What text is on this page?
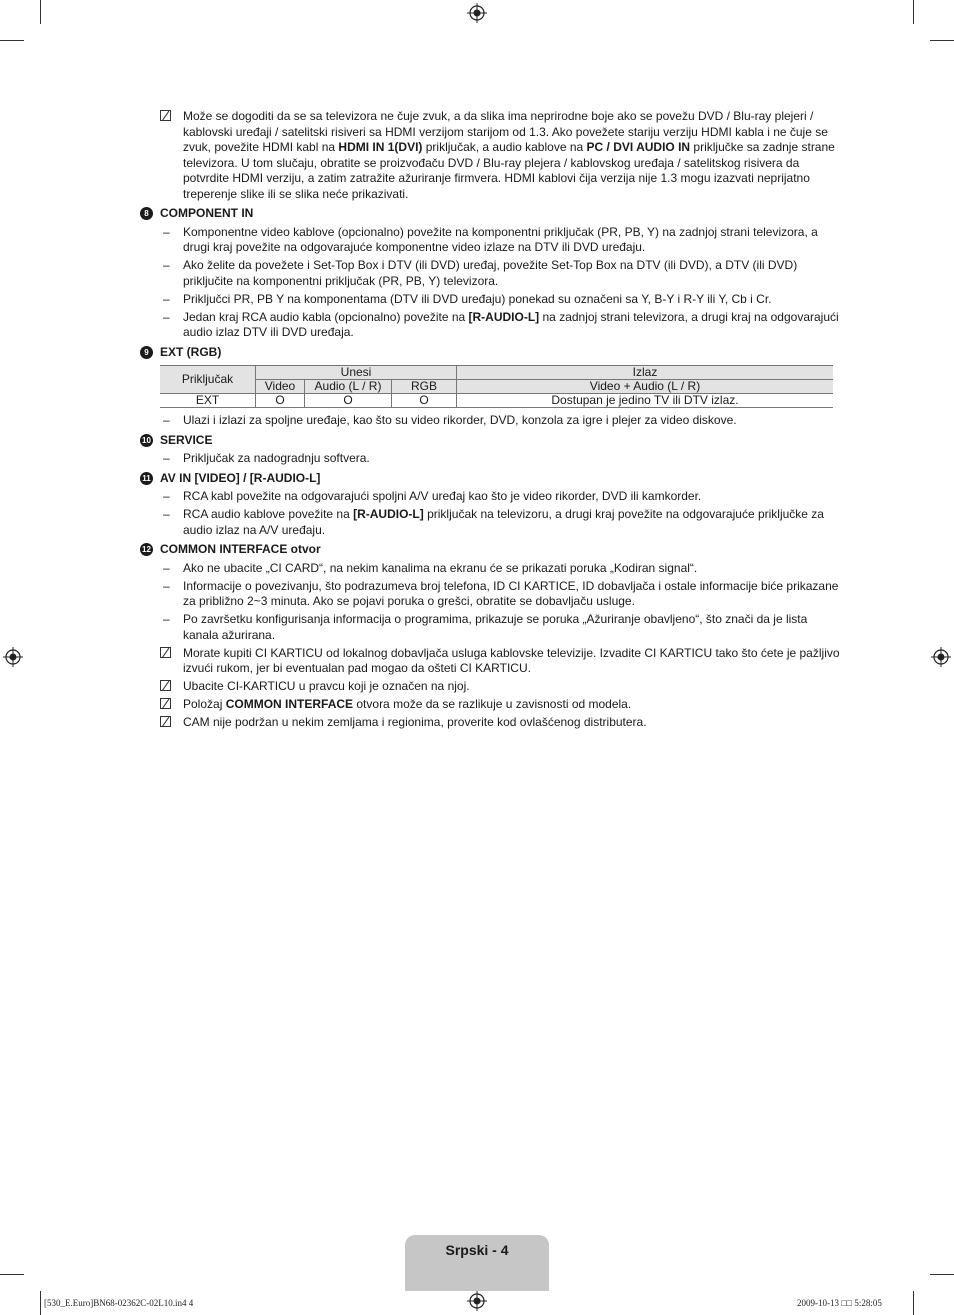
Može se dogoditi da se sa televizora ne čuje zvuk, a da slika ima neprirodne boje ako se povežu DVD / Blu-ray plejeri / kablovski uređaji / satelitski risiveri sa HDMI verzijom starijom od 1.3. Ako povežete stariju verziju HDMI kabla i ne čuje se zvuk, povežite HDMI kabl na HDMI IN 1(DVI) priključak, a audio kablove na PC / DVI AUDIO IN priključke sa zadnje strane televizora. U tom slučaju, obratite se proizvođaču DVD / Blu-ray plejera / kablovskog uređaja / satelitskog risivera da potvrdite HDMI verziju, a zatim zatražite ažuriranje firmvera. HDMI kablovi čija verzija nije 1.3 mogu izazvati neprijatno treperenje slike ili se slika neće prikazivati.
8 COMPONENT IN
–	Komponentne video kablove (opcionalno) povežite na komponentni priključak (PR, PB, Y) na zadnjoj strani televizora, a drugi kraj povežite na odgovarajuće komponentne video izlaze na DTV ili DVD uređaju.
–	Ako želite da povežete i Set-Top Box i DTV (ili DVD) uređaj, povežite Set-Top Box na DTV (ili DVD), a DTV (ili DVD) priključite na komponentni priključak (PR, PB, Y) televizora.
–	Priključci PR, PB Y na komponentama (DTV ili DVD uređaju) ponekad su označeni sa Y, B-Y i R-Y ili Y, Cb i Cr.
–	Jedan kraj RCA audio kabla (opcionalno) povežite na [R-AUDIO-L] na zadnjoj strani televizora, a drugi kraj na odgovarajući audio izlaz DTV ili DVD uređaja.
9 EXT (RGB)
Priključak	Unesi			Izlaz
	Video	Audio (L / R)	RGB	Video + Audio (L / R)
EXT	O	O	O	Dostupan je jedino TV ili DTV izlaz.
–	Ulazi i izlazi za spoljne uređaje, kao što su video rikorder, DVD, konzola za igre i plejer za video diskove.
10 SERVICE
–	Priključak za nadogradnju softvera.
11 AV IN [VIDEO] / [R-AUDIO-L]
–	RCA kabl povežite na odgovarajući spoljni A/V uređaj kao što je video rikorder, DVD ili kamkorder.
–	RCA audio kablove povežite na [R-AUDIO-L] priključak na televizoru, a drugi kraj povežite na odgovarajuće priključke za audio izlaz na A/V uređaju.
12 COMMON INTERFACE otvor
–	Ako ne ubacite „CI CARD“, na nekim kanalima na ekranu će se prikazati poruka „Kodiran signal“.
–	Informacije o povezivanju, što podrazumeva broj telefona, ID CI KARTICE, ID dobavljača i ostale informacije biće prikazane za približno 2~3 minuta. Ako se pojavi poruka o grešci, obratite se dobavljaču usluge.
–	Po završetku konfigurisanja informacija o programima, prikazuje se poruka „Ažuriranje obavljeno“, što znači da je lista kanala ažurirana.
Morate kupiti CI KARTICU od lokalnog dobavljača usluga kablovske televizije. Izvadite CI KARTICU tako što ćete je pažljivo izvući rukom, jer bi eventualan pad mogao da ošteti CI KARTICU.
Ubacite CI-KARTICU u pravcu koji je označen na njoj.
Položaj COMMON INTERFACE otvora može da se razlikuje u zavisnosti od modela.
CAM nije podržan u nekim zemljama i regionima, proverite kod ovlašćenog distributera.
Srpski - 4
[530_E.Euro]BN68-02362C-02L10.in4 4	2009-10-13 □□ 5:28:05
